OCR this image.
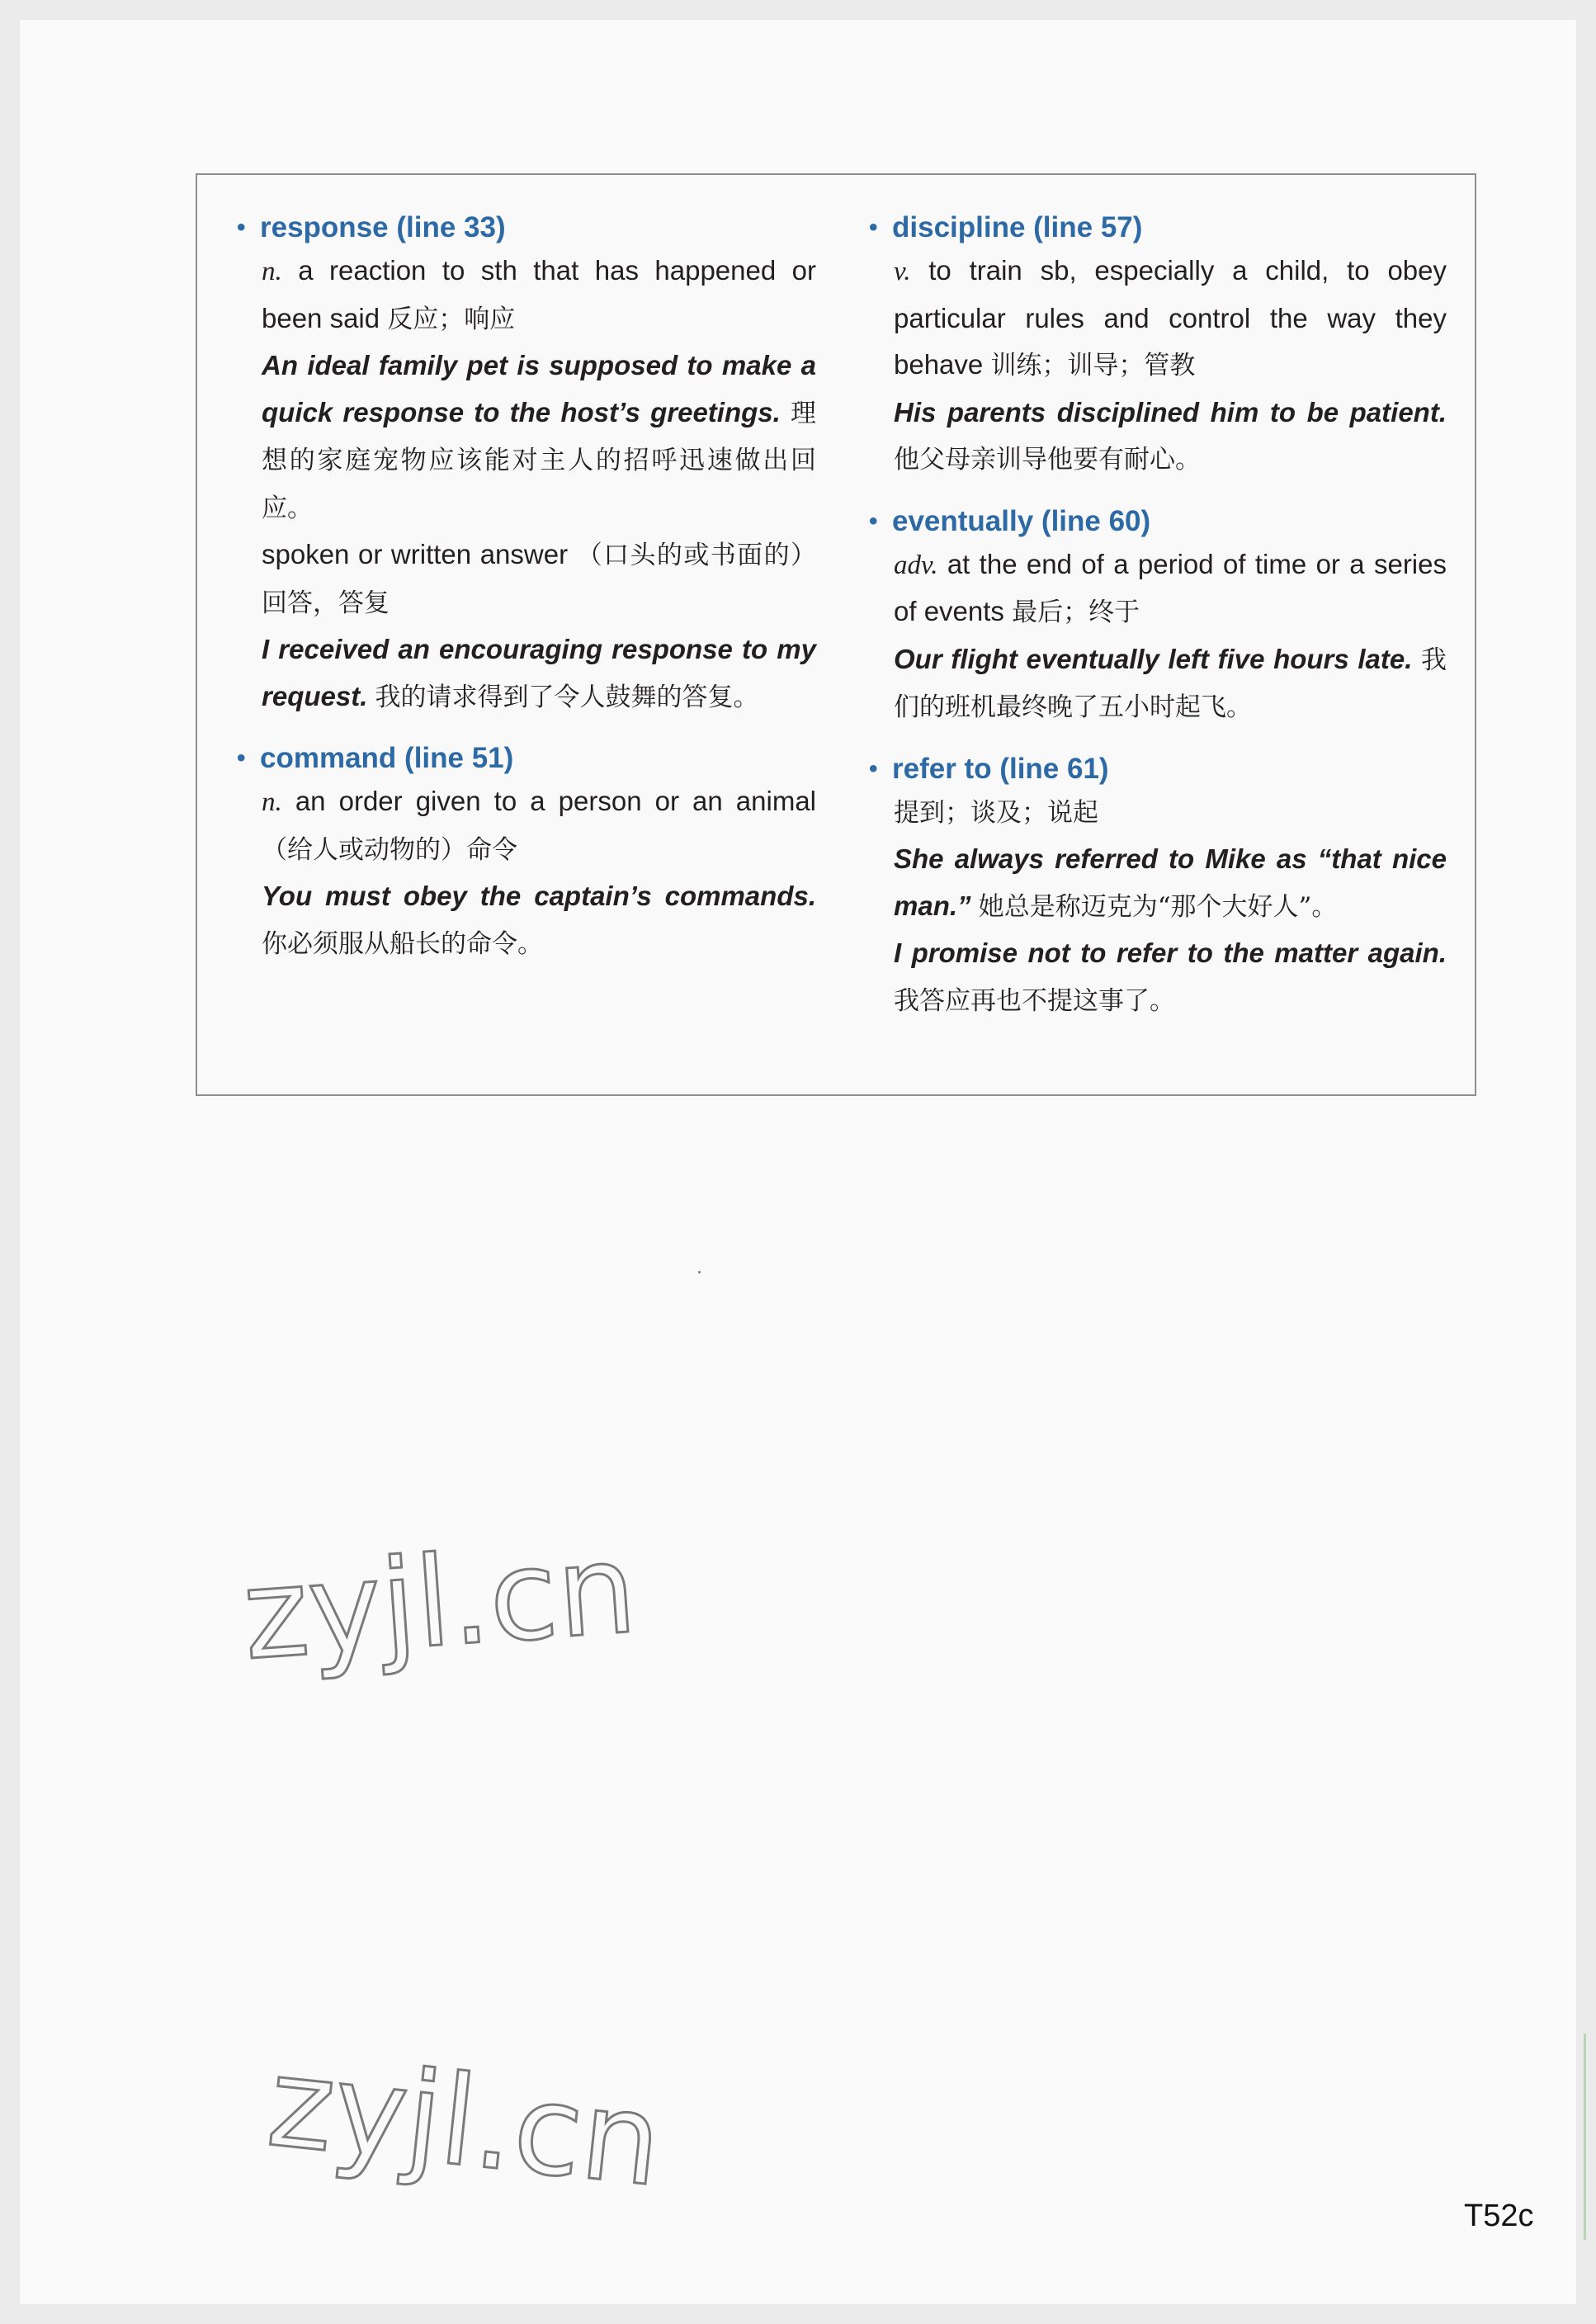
• response (line 33)
n. a reaction to sth that has happened or been said 反应；响应
An ideal family pet is supposed to make a quick response to the host’s greetings. 理想的家庭宠物应该能对主人的招呼迅速做出回应。
spoken or written answer （口头的或书面的）回答，答复
I received an encouraging response to my request. 我的请求得到了令人鼓舞的答复。
• command (line 51)
n. an order given to a person or an animal （给人或动物的）命令
You must obey the captain’s commands. 你必须服从船长的命令。
• discipline (line 57)
v. to train sb, especially a child, to obey particular rules and control the way they behave 训练；训导；管教
His parents disciplined him to be patient. 他父母亲训导他要有耐心。
• eventually (line 60)
adv. at the end of a period of time or a series of events 最后；终于
Our flight eventually left five hours late. 我们的班机最终晚了五小时起飞。
• refer to (line 61)
提到；谈及；说起
She always referred to Mike as “that nice man.” 她总是称迈克为“那个大好人”。
I promise not to refer to the matter again. 我答应再也不提这事了。
zyjl.cn
zyjl.cn
T52c
